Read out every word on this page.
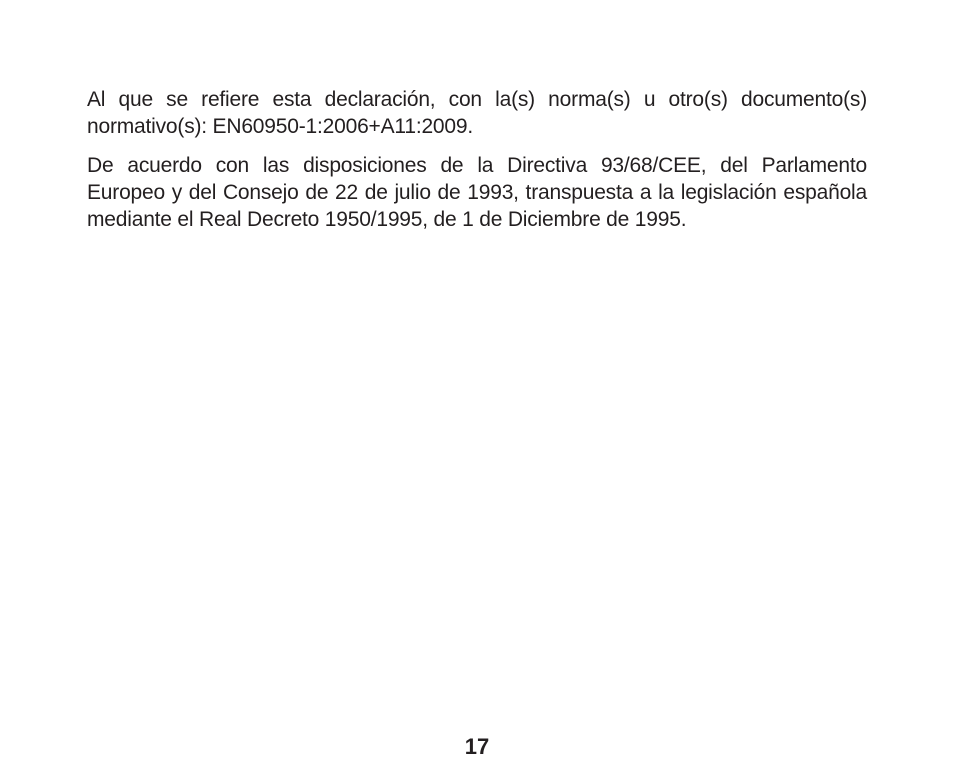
Al que se refiere esta declaración, con la(s) norma(s) u otro(s) documento(s) normativo(s): EN60950-1:2006+A11:2009.

De acuerdo con las disposiciones de la Directiva 93/68/CEE, del Parlamento Europeo y del Consejo de 22 de julio de 1993, transpuesta a la legislación española mediante el Real Decreto 1950/1995, de 1 de Diciembre de 1995.

17
